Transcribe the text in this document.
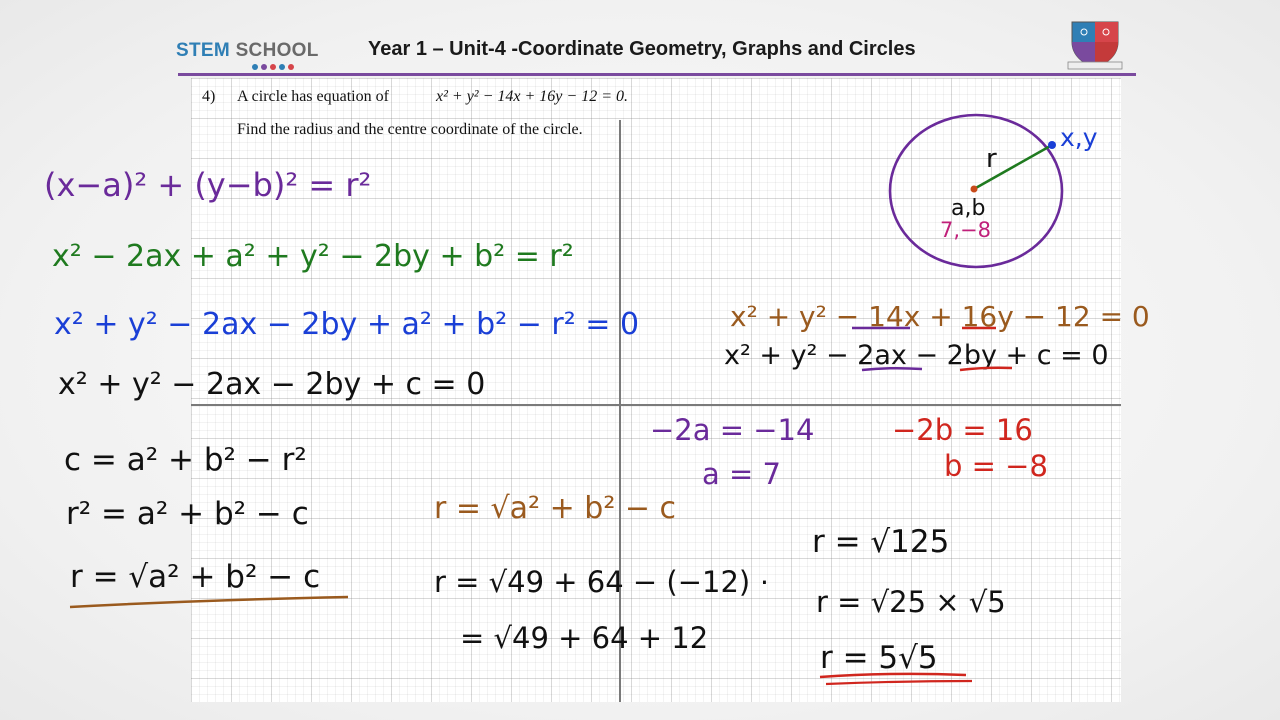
STEM SCHOOL Year 1 – Unit-4 -Coordinate Geometry, Graphs and Circles
4) A circle has equation of	x² + y² − 14x + 16y − 12 = 0.
Find the radius and the centre coordinate of the circle.	x,y
r
a,b
7,−8
(x−a)² + (y−b)² = r²
x² − 2ax + a² + y² − 2by + b² = r²
x² + y² − 2ax − 2by + a² + b² − r² = 0
x² + y² − 2ax − 2by + c = 0
c = a² + b² − r²
r² = a² + b² − c
r = √a² + b² − c
x² + y² − 14x + 16y − 12 = 0
x² + y² − 2ax − 2by + c = 0
−2a = −14
a = 7
−2b = 16
b = −8
r = √a² + b² − c
r = √49 + 64 − (−12)
= √49 + 64 + 12
.
r = √125
r = √25 × √5
r = 5√5
